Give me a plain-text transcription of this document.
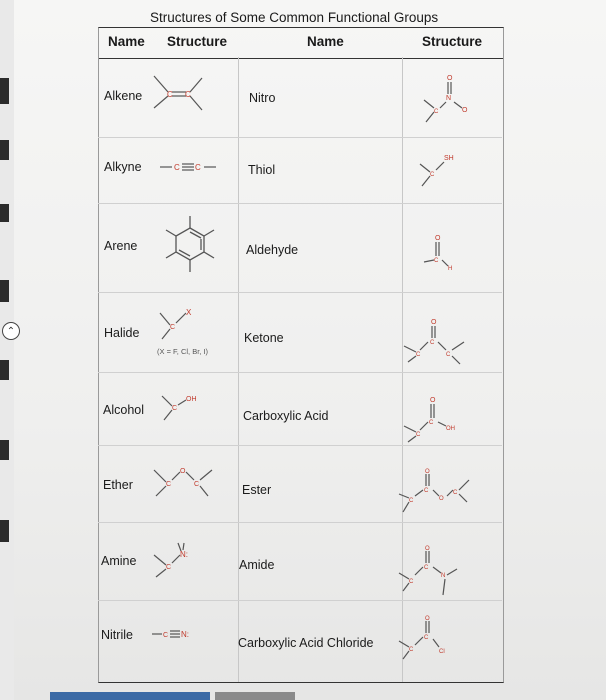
⌃
Structures of Some Common Functional Groups
Name Structure	Name	Structure
Alkene
Alkyne
Arene
Halide
Alcohol
Ether
Amine
Nitrile
Nitro
Thiol
Aldehyde
Ketone
Carboxylic Acid
Ester
Amide
Carboxylic Acid Chloride
C C
C C
C
X
(X = F, Cl, Br, I)
C
OH
C
O
C
C
N:
C N:
C
N
O
O
C
SH
C
O
H
C
C
O
C
C
C
O
OH
C
C
O
O
C
C
C
O
N
C
C
O
Cl
